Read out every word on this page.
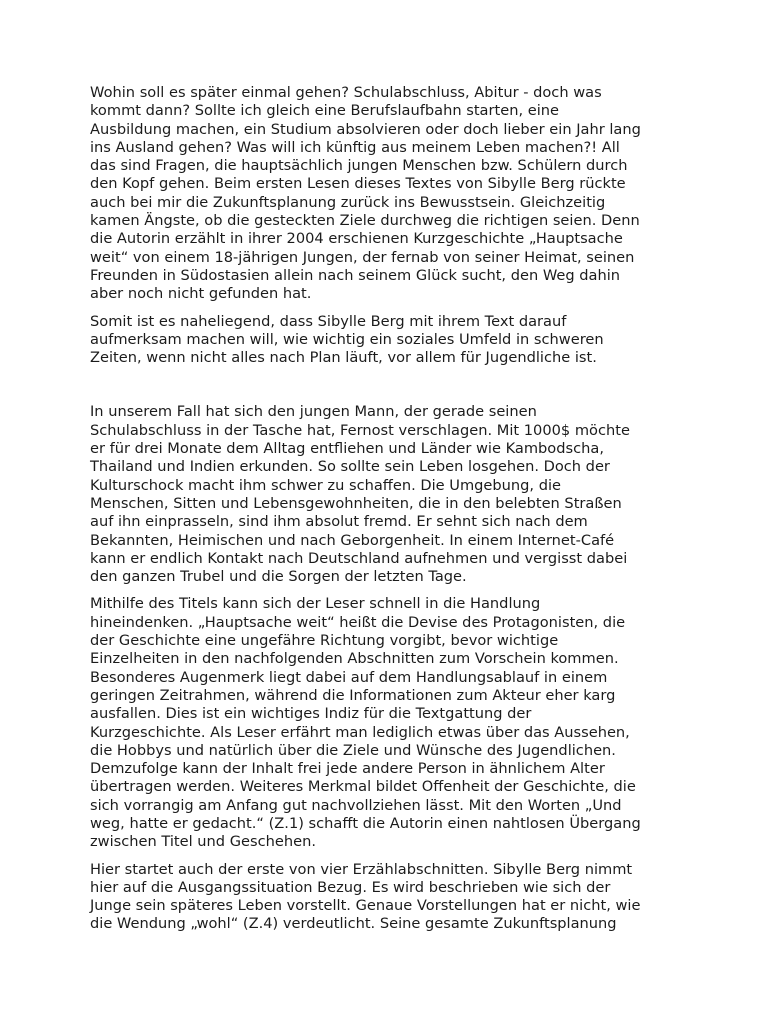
Wohin soll es später einmal gehen? Schulabschluss, Abitur - doch was
kommt dann? Sollte ich gleich eine Berufslaufbahn starten, eine
Ausbildung machen, ein Studium absolvieren oder doch lieber ein Jahr lang
ins Ausland gehen? Was will ich künftig aus meinem Leben machen?! All
das sind Fragen, die hauptsächlich jungen Menschen bzw. Schülern durch
den Kopf gehen. Beim ersten Lesen dieses Textes von Sibylle Berg rückte
auch bei mir die Zukunftsplanung zurück ins Bewusstsein. Gleichzeitig
kamen Ängste, ob die gesteckten Ziele durchweg die richtigen seien. Denn
die Autorin erzählt in ihrer 2004 erschienen Kurzgeschichte „Hauptsache
weit“ von einem 18-jährigen Jungen, der fernab von seiner Heimat, seinen
Freunden in Südostasien allein nach seinem Glück sucht, den Weg dahin
aber noch nicht gefunden hat.

Somit ist es naheliegend, dass Sibylle Berg mit ihrem Text darauf
aufmerksam machen will, wie wichtig ein soziales Umfeld in schweren
Zeiten, wenn nicht alles nach Plan läuft, vor allem für Jugendliche ist.

In unserem Fall hat sich den jungen Mann, der gerade seinen
Schulabschluss in der Tasche hat, Fernost verschlagen. Mit 1000$ möchte
er für drei Monate dem Alltag entfliehen und Länder wie Kambodscha,
Thailand und Indien erkunden. So sollte sein Leben losgehen. Doch der
Kulturschock macht ihm schwer zu schaffen. Die Umgebung, die
Menschen, Sitten und Lebensgewohnheiten, die in den belebten Straßen
auf ihn einprasseln, sind ihm absolut fremd. Er sehnt sich nach dem
Bekannten, Heimischen und nach Geborgenheit. In einem Internet-Café
kann er endlich Kontakt nach Deutschland aufnehmen und vergisst dabei
den ganzen Trubel und die Sorgen der letzten Tage.

Mithilfe des Titels kann sich der Leser schnell in die Handlung
hineindenken. „Hauptsache weit“ heißt die Devise des Protagonisten, die
der Geschichte eine ungefähre Richtung vorgibt, bevor wichtige
Einzelheiten in den nachfolgenden Abschnitten zum Vorschein kommen.
Besonderes Augenmerk liegt dabei auf dem Handlungsablauf in einem
geringen Zeitrahmen, während die Informationen zum Akteur eher karg
ausfallen. Dies ist ein wichtiges Indiz für die Textgattung der
Kurzgeschichte. Als Leser erfährt man lediglich etwas über das Aussehen,
die Hobbys und natürlich über die Ziele und Wünsche des Jugendlichen.
Demzufolge kann der Inhalt frei jede andere Person in ähnlichem Alter
übertragen werden. Weiteres Merkmal bildet Offenheit der Geschichte, die
sich vorrangig am Anfang gut nachvollziehen lässt. Mit den Worten „Und
weg, hatte er gedacht.“ (Z.1) schafft die Autorin einen nahtlosen Übergang
zwischen Titel und Geschehen.

Hier startet auch der erste von vier Erzählabschnitten. Sibylle Berg nimmt
hier auf die Ausgangssituation Bezug. Es wird beschrieben wie sich der
Junge sein späteres Leben vorstellt. Genaue Vorstellungen hat er nicht, wie
die Wendung „wohl“ (Z.4) verdeutlicht. Seine gesamte Zukunftsplanung
